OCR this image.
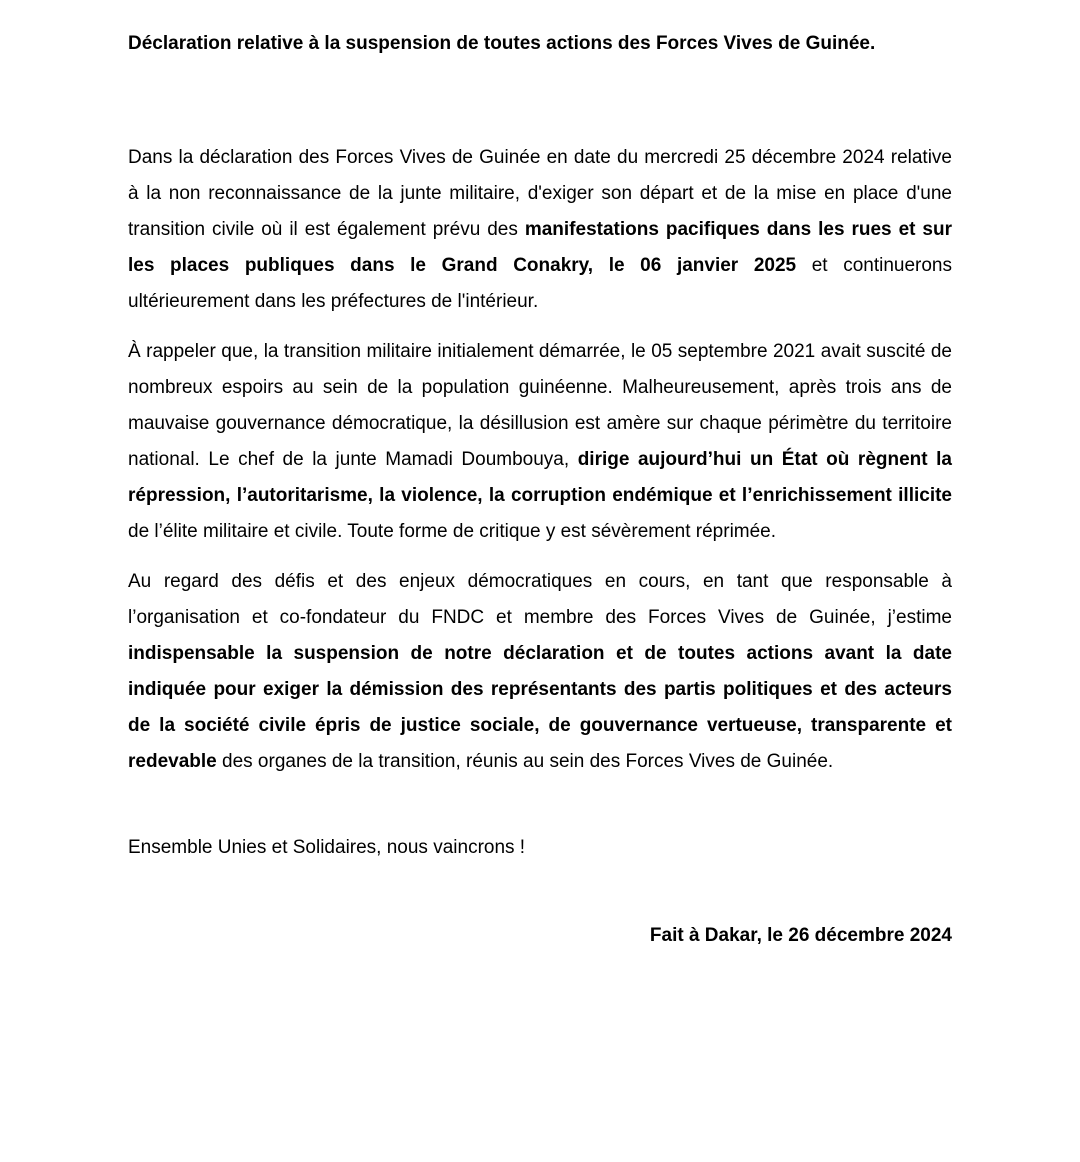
Déclaration relative à la suspension de toutes actions des Forces Vives de Guinée.

Dans la déclaration des Forces Vives de Guinée en date du mercredi 25 décembre 2024 relative à la non reconnaissance de la junte militaire, d'exiger son départ et de la mise en place d'une transition civile où il est également prévu des manifestations pacifiques dans les rues et sur les places publiques dans le Grand Conakry, le 06 janvier 2025 et continuerons ultérieurement dans les préfectures de l'intérieur.

À rappeler que, la transition militaire initialement démarrée, le 05 septembre 2021 avait suscité de nombreux espoirs au sein de la population guinéenne. Malheureusement, après trois ans de mauvaise gouvernance démocratique, la désillusion est amère sur chaque périmètre du territoire national. Le chef de la junte Mamadi Doumbouya, dirige aujourd’hui un État où règnent la répression, l’autoritarisme, la violence, la corruption endémique et l’enrichissement illicite de l’élite militaire et civile. Toute forme de critique y est sévèrement réprimée.

Au regard des défis et des enjeux démocratiques en cours, en tant que responsable à l’organisation et co-fondateur du FNDC et membre des Forces Vives de Guinée, j’estime indispensable la suspension de notre déclaration et de toutes actions avant la date indiquée pour exiger la démission des représentants des partis politiques et des acteurs de la société civile épris de justice sociale, de gouvernance vertueuse, transparente et redevable des organes de la transition, réunis au sein des Forces Vives de Guinée.

Ensemble Unies et Solidaires, nous vaincrons !

Fait à Dakar, le 26 décembre 2024
